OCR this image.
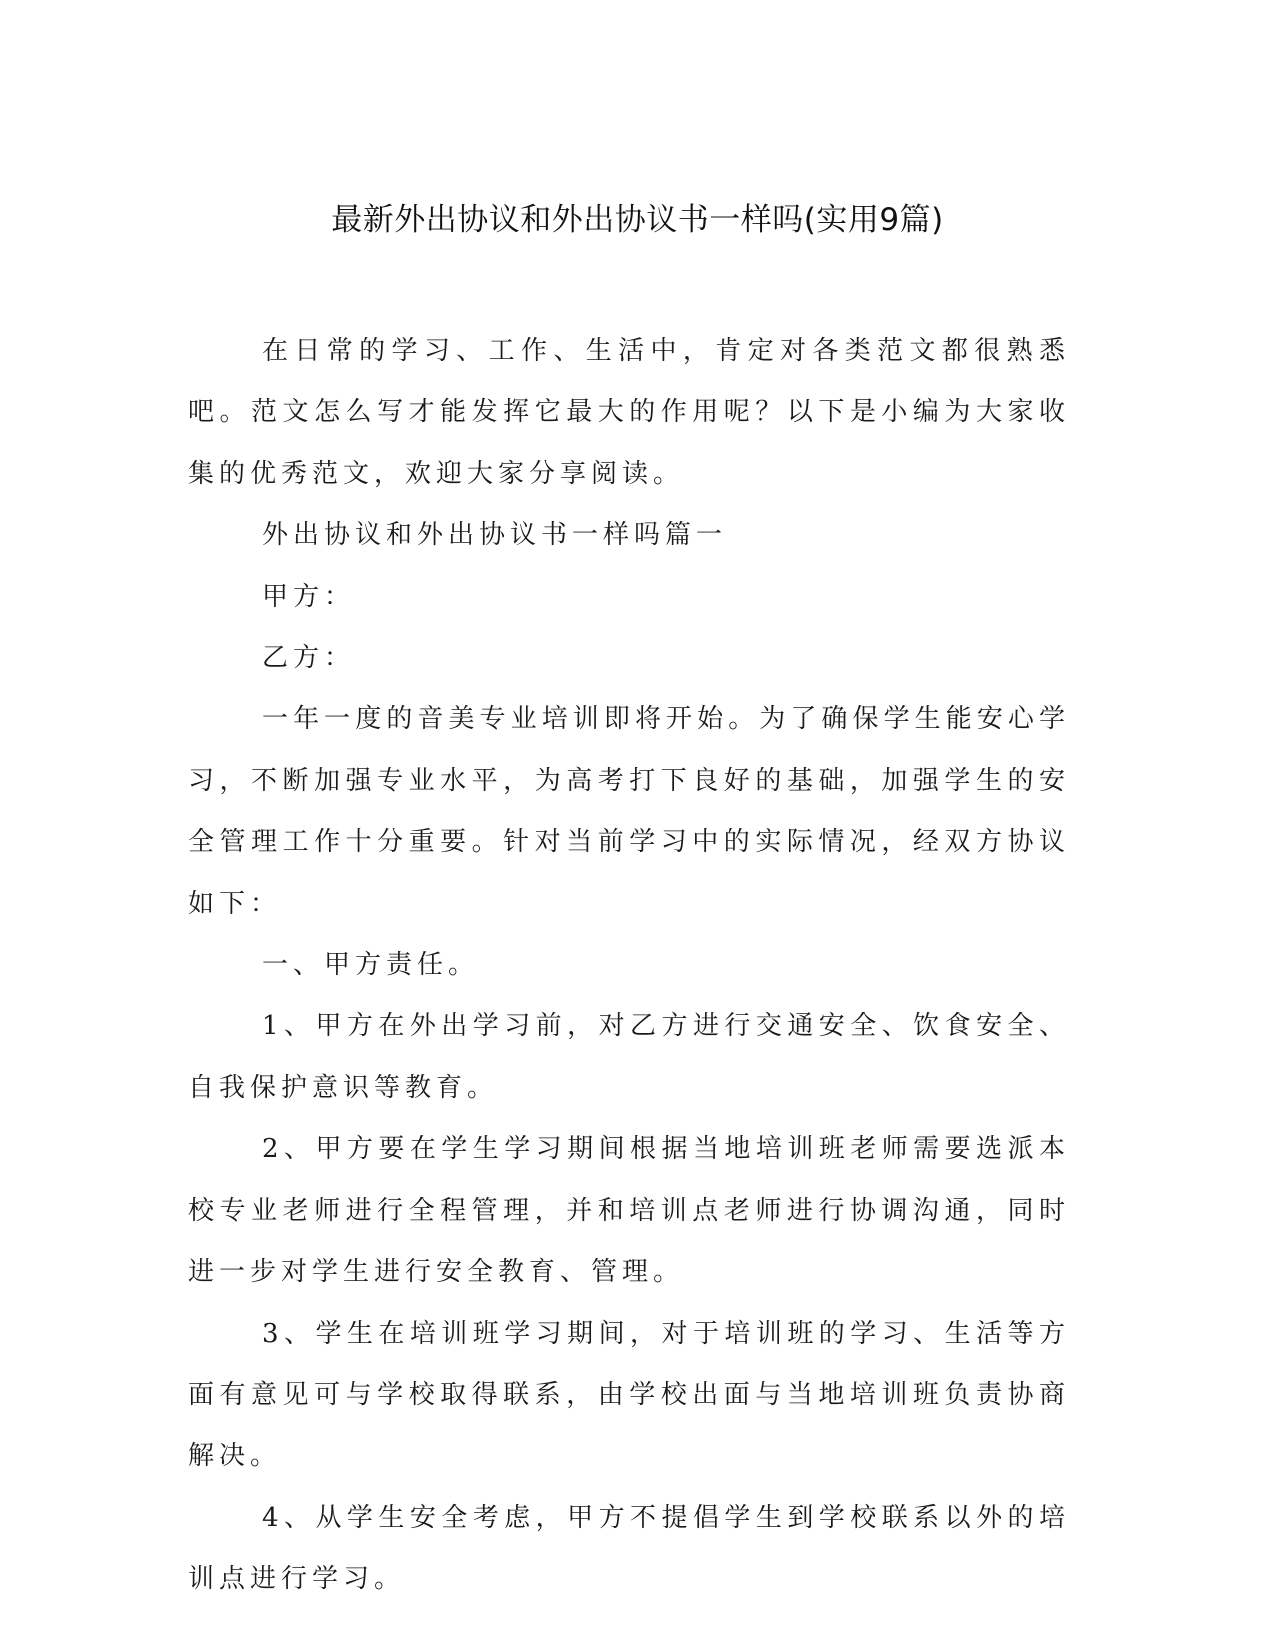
最新外出协议和外出协议书一样吗(实用9篇)

在日常的学习、工作、生活中，肯定对各类范文都很熟悉吧。范文怎么写才能发挥它最大的作用呢？以下是小编为大家收集的优秀范文，欢迎大家分享阅读。

外出协议和外出协议书一样吗篇一

甲方：

乙方：

一年一度的音美专业培训即将开始。为了确保学生能安心学习，不断加强专业水平，为高考打下良好的基础，加强学生的安全管理工作十分重要。针对当前学习中的实际情况，经双方协议如下：

一、甲方责任。

1、甲方在外出学习前，对乙方进行交通安全、饮食安全、自我保护意识等教育。

2、甲方要在学生学习期间根据当地培训班老师需要选派本校专业老师进行全程管理，并和培训点老师进行协调沟通，同时进一步对学生进行安全教育、管理。

3、学生在培训班学习期间，对于培训班的学习、生活等方面有意见可与学校取得联系，由学校出面与当地培训班负责协商解决。

4、从学生安全考虑，甲方不提倡学生到学校联系以外的培训点进行学习。
